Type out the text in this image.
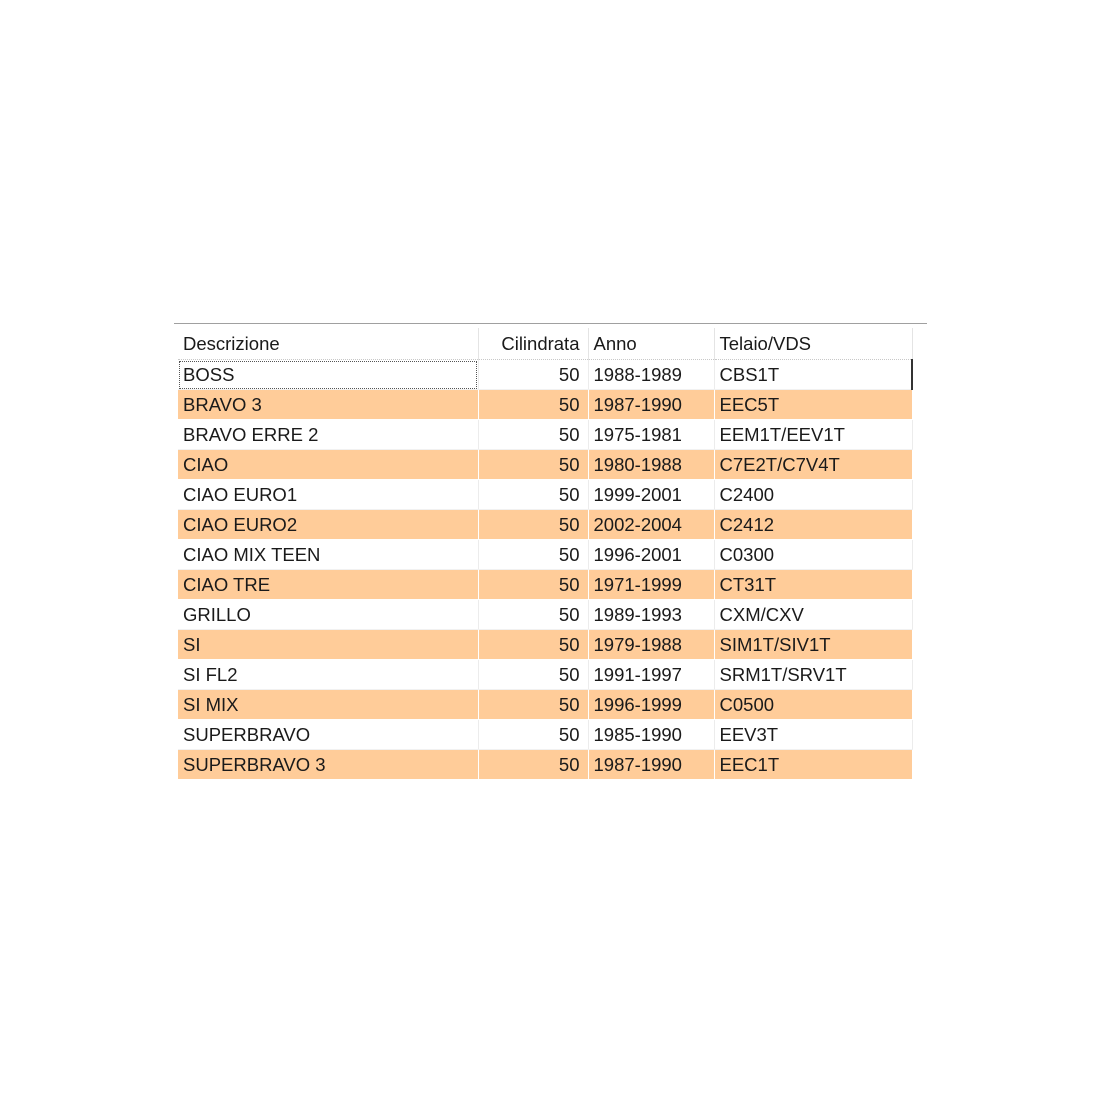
Descrizione	Cilindrata	Anno	Telaio/VDS
BOSS	50	1988-1989	CBS1T
BRAVO 3	50	1987-1990	EEC5T
BRAVO ERRE 2	50	1975-1981	EEM1T/EEV1T
CIAO	50	1980-1988	C7E2T/C7V4T
CIAO EURO1	50	1999-2001	C2400
CIAO EURO2	50	2002-2004	C2412
CIAO MIX TEEN	50	1996-2001	C0300
CIAO TRE	50	1971-1999	CT31T
GRILLO	50	1989-1993	CXM/CXV
SI	50	1979-1988	SIM1T/SIV1T
SI FL2	50	1991-1997	SRM1T/SRV1T
SI MIX	50	1996-1999	C0500
SUPERBRAVO	50	1985-1990	EEV3T
SUPERBRAVO 3	50	1987-1990	EEC1T
